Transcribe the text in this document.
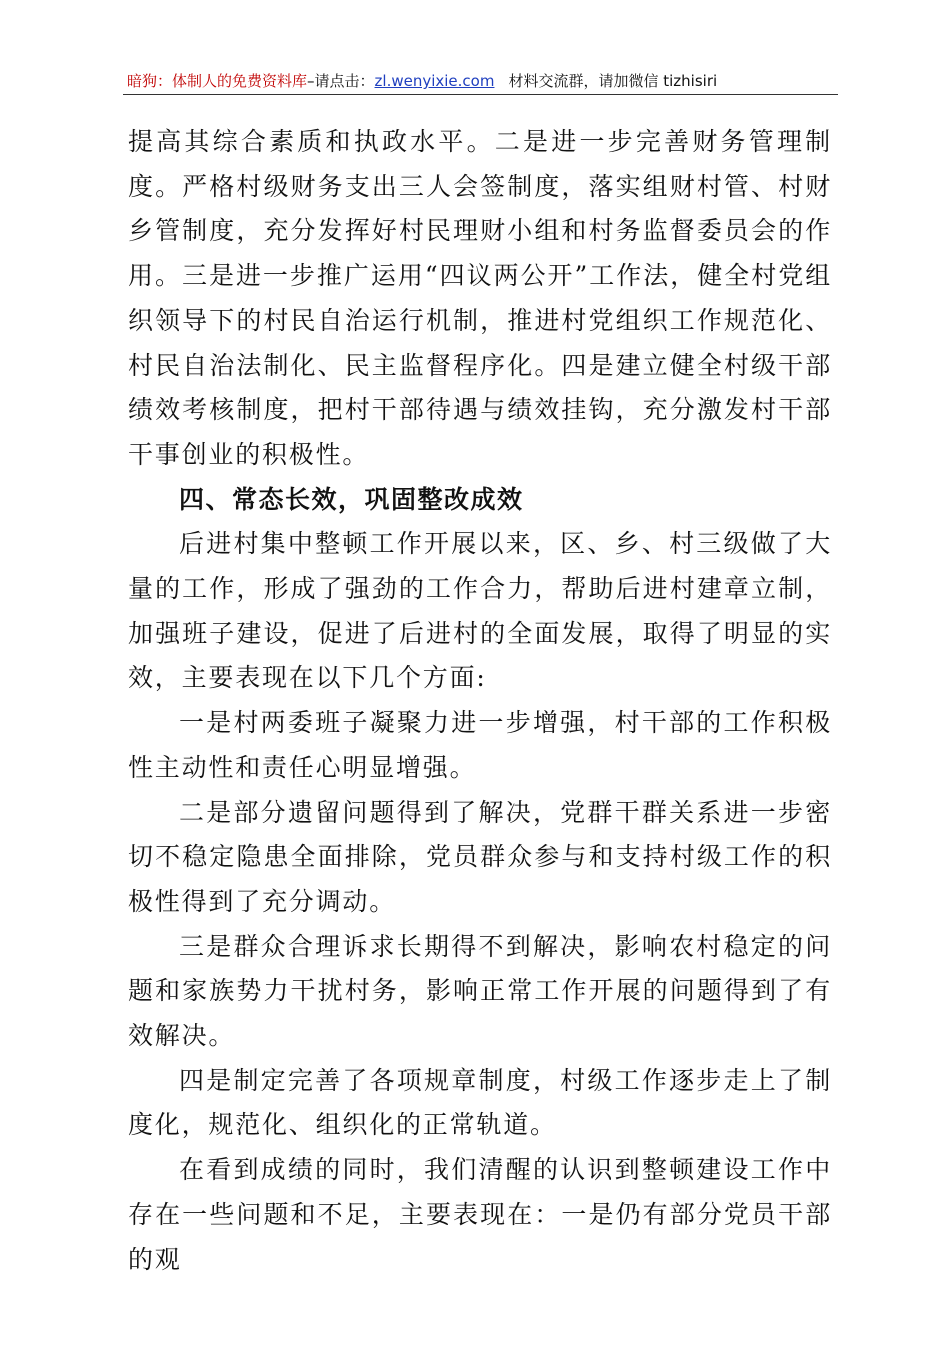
暗狗：体制人的免费资料库–请点击：zl.wenyixie.com 材料交流群，请加微信 tizhisiri

提高其综合素质和执政水平。二是进一步完善财务管理制度。严格村级财务支出三人会签制度，落实组财村管、村财乡管制度，充分发挥好村民理财小组和村务监督委员会的作用。三是进一步推广运用“四议两公开”工作法，健全村党组织领导下的村民自治运行机制，推进村党组织工作规范化、村民自治法制化、民主监督程序化。四是建立健全村级干部绩效考核制度，把村干部待遇与绩效挂钩，充分激发村干部干事创业的积极性。

四、常态长效，巩固整改成效

后进村集中整顿工作开展以来，区、乡、村三级做了大量的工作，形成了强劲的工作合力，帮助后进村建章立制，加强班子建设，促进了后进村的全面发展，取得了明显的实效，主要表现在以下几个方面:

一是村两委班子凝聚力进一步增强，村干部的工作积极性主动性和责任心明显增强。

二是部分遗留问题得到了解决，党群干群关系进一步密切不稳定隐患全面排除，党员群众参与和支持村级工作的积极性得到了充分调动。

三是群众合理诉求长期得不到解决，影响农村稳定的问题和家族势力干扰村务，影响正常工作开展的问题得到了有效解决。

四是制定完善了各项规章制度，村级工作逐步走上了制度化，规范化、组织化的正常轨道。

在看到成绩的同时，我们清醒的认识到整顿建设工作中存在一些问题和不足，主要表现在：一是仍有部分党员干部的观
